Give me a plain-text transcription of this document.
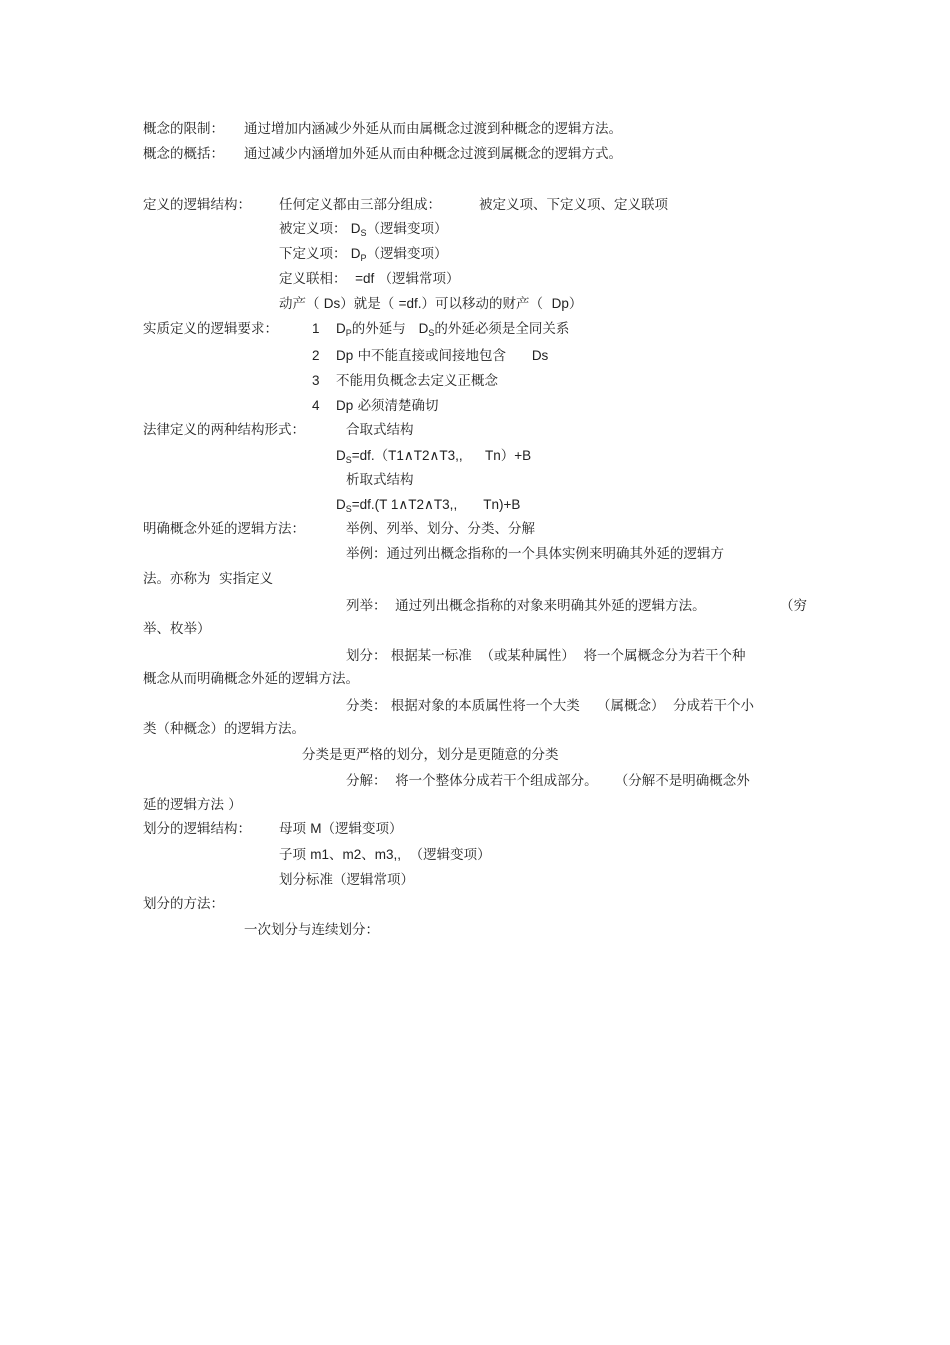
概念的限制： 通过增加内涵减少外延从而由属概念过渡到种概念的逻辑方法。
概念的概括： 通过减少内涵增加外延从而由种概念过渡到属概念的逻辑方式。
定义的逻辑结构： 任何定义都由三部分组成：	被定义项、下定义项、定义联项
被定义项： $D_S$（逻辑变项）
下定义项： $D_P$（逻辑变项）
定义联相： =df （逻辑常项）
动产（ Ds）就是（ =df.）可以移动的财产（ Dp）
实质定义的逻辑要求：	1 $D_P$的外延与 $D_S$的外延必须是全同关系
2 Dp 中不能直接或间接地包含 Ds
3 不能用负概念去定义正概念
4 Dp 必须清楚确切
法律定义的两种结构形式：	合取式结构
$D_S=df.(T1\wedge T2\wedge T3$,, Tn）+B
析取式结构
$D_S=df.(T$ 1∧T2∧T3,, Tn)+B
明确概念外延的逻辑方法：	举例、列举、划分、分类、分解
举例：通过列出概念指称的一个具体实例来明确其外延的逻辑方
法。亦称为 实指定义
列举： 通过列出概念指称的对象来明确其外延的逻辑方法。	（穷
举、枚举）
划分： 根据某一标准 （或某种属性） 将一个属概念分为若干个种
概念从而明确概念外延的逻辑方法。
分类： 根据对象的本质属性将一个大类 （属概念） 分成若干个小
类（种概念）的逻辑方法。
分类是更严格的划分，划分是更随意的分类
分解： 将一个整体分成若干个组成部分。 （分解不是明确概念外
延的逻辑方法 ）
划分的逻辑结构： 母项 M（逻辑变项）
子项 m1、m2、m3,, （逻辑变项）
划分标准（逻辑常项）
划分的方法：
一次划分与连续划分：
